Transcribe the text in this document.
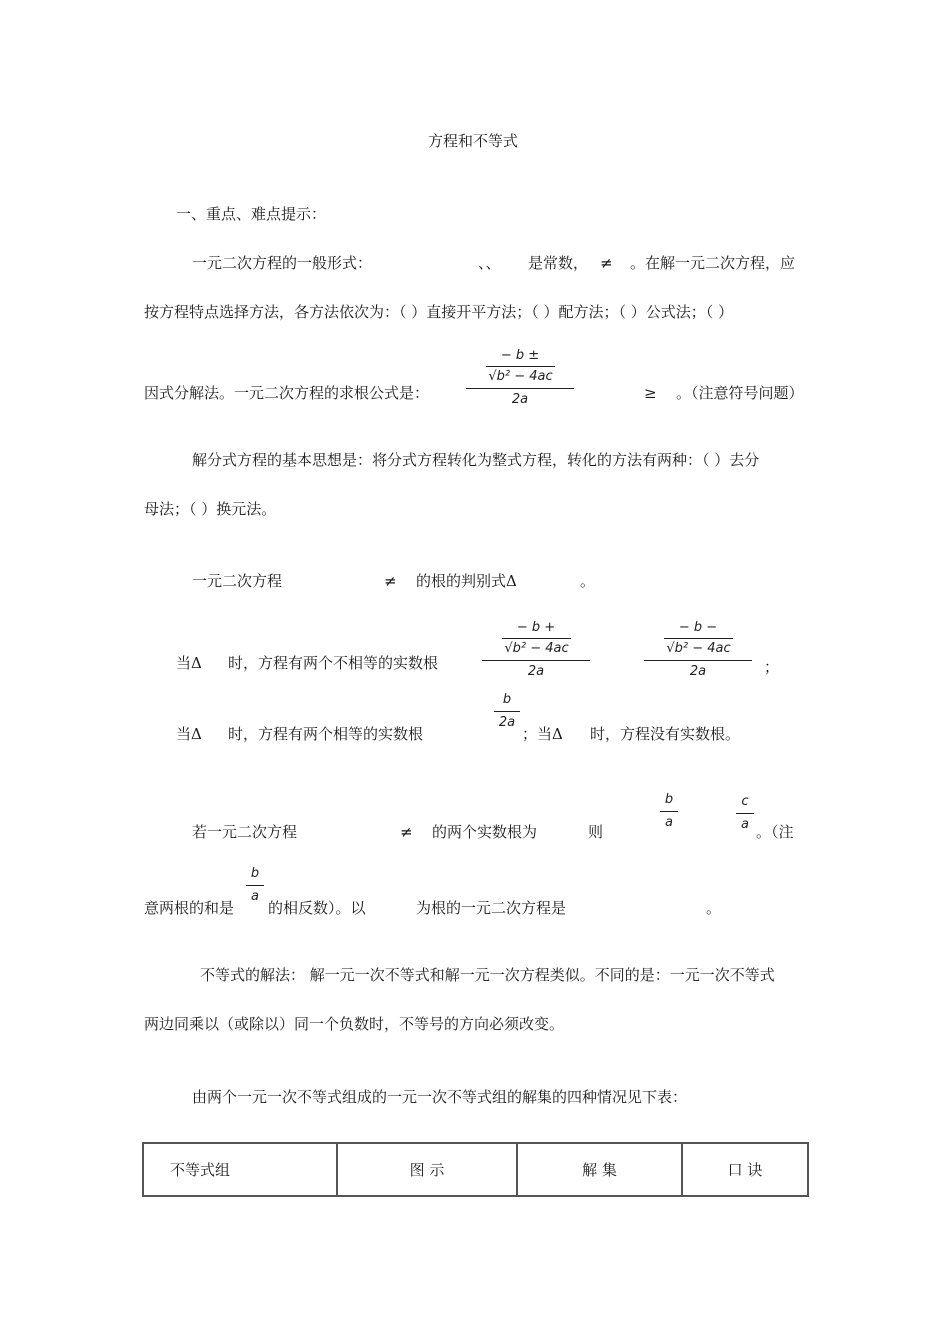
方程和不等式
一、重点、难点提示：
一元二次方程的一般形式：	、、 是常数， ≠ 。在解一元二次方程，应
按方程特点选择方法，各方法依次为：（ ）直接开平方法；（ ）配方法；（ ）公式法；（ ）
− b ± √b² − 4ac
2a
因式分解法。一元二次方程的求根公式是：	≥ 。（注意符号问题）
解分式方程的基本思想是：将分式方程转化为整式方程，转化的方法有两种：（ ）去分
母法；（ ）换元法。
一元二次方程	≠ 的根的判别式Δ	。
− b + √b² − 4ac
2a
− b − √b² − 4ac
2a
当Δ 时，方程有两个不相等的实数根	；
b
2a
当Δ 时，方程有两个相等的实数根	；当Δ 时，方程没有实数根。
b
a
c
a
若一元二次方程	≠ 的两个实数根为	则	。（注
b
a
意两根的和是 的相反数）。以	为根的一元二次方程是	。
不等式的解法： 解一元一次不等式和解一元一次方程类似。不同的是：一元一次不等式
两边同乘以（或除以）同一个负数时，不等号的方向必须改变。
由两个一元一次不等式组成的一元一次不等式组的解集的四种情况见下表：
不等式组	图 示	解 集	口 诀
